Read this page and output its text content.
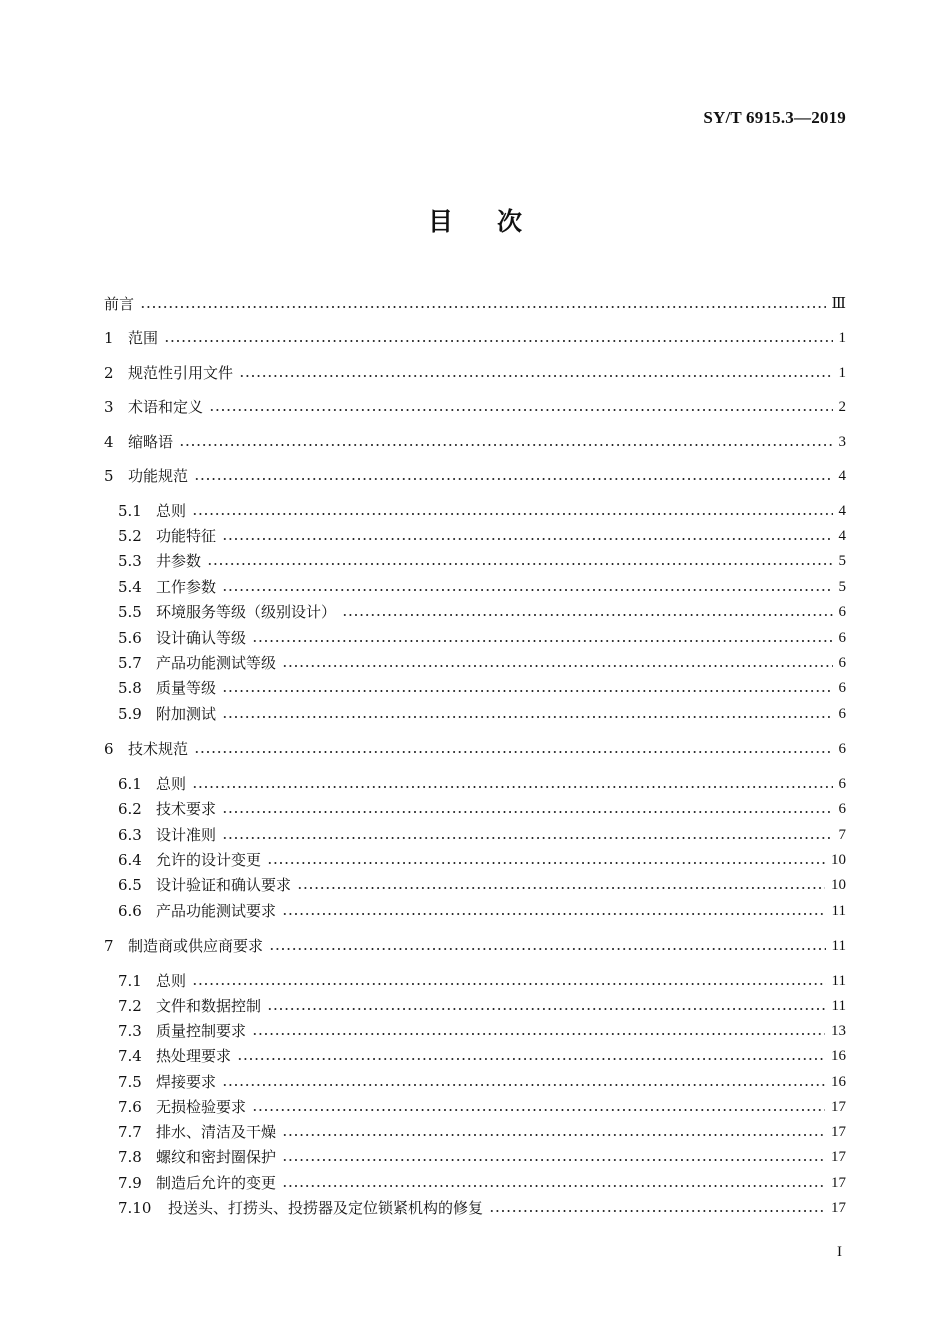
SY/T 6915.3—2019
目次
前言	Ⅲ
1 范围	1
2 规范性引用文件	1
3 术语和定义	2
4 缩略语	3
5 功能规范	4
5.1 总则	4
5.2 功能特征	4
5.3 井参数	5
5.4 工作参数	5
5.5 环境服务等级（级别设计）	6
5.6 设计确认等级	6
5.7 产品功能测试等级	6
5.8 质量等级	6
5.9 附加测试	6
6 技术规范	6
6.1 总则	6
6.2 技术要求	6
6.3 设计准则	7
6.4 允许的设计变更	10
6.5 设计验证和确认要求	10
6.6 产品功能测试要求	11
7 制造商或供应商要求	11
7.1 总则	11
7.2 文件和数据控制	11
7.3 质量控制要求	13
7.4 热处理要求	16
7.5 焊接要求	16
7.6 无损检验要求	17
7.7 排水、清洁及干燥	17
7.8 螺纹和密封圈保护	17
7.9 制造后允许的变更	17
7.10	投送头、打捞头、投捞器及定位锁紧机构的修复	17
I
